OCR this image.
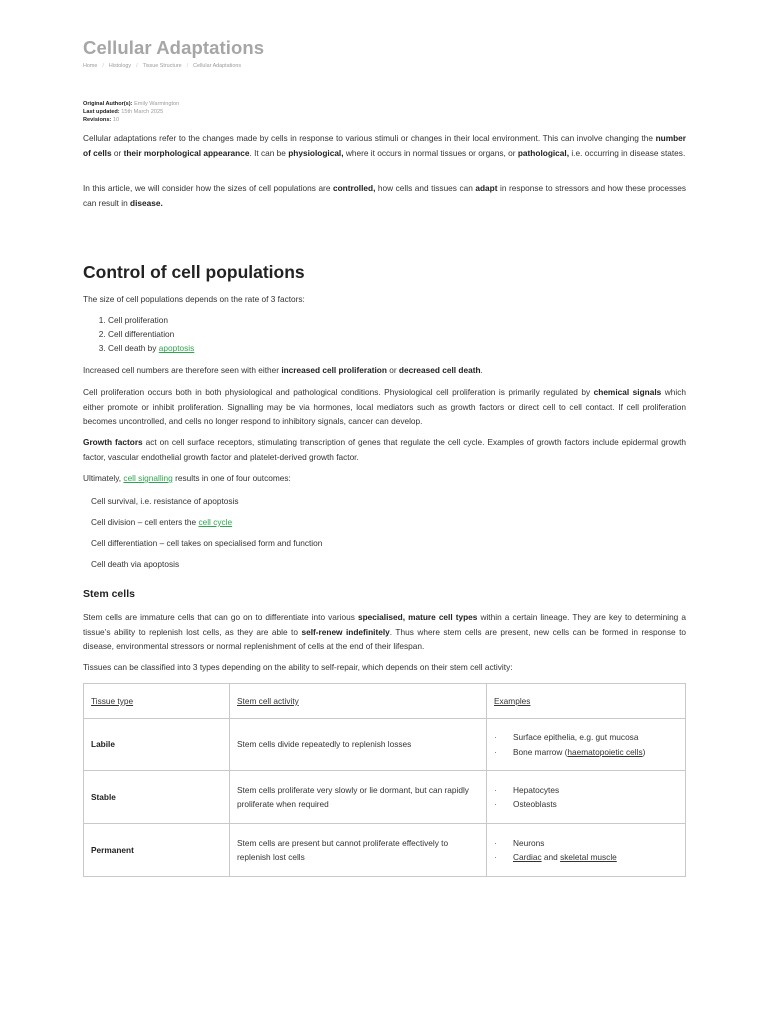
Cellular Adaptations
Home / Histology / Tissue Structure / Cellular Adaptations
Original Author(s): Emily Warmington
Last updated: 15th March 2025
Revisions: 10

Cellular adaptations refer to the changes made by cells in response to various stimuli or changes in their local environment. This can involve changing the number of cells or their morphological appearance. It can be physiological, where it occurs in normal tissues or organs, or pathological, i.e. occurring in disease states.

In this article, we will consider how the sizes of cell populations are controlled, how cells and tissues can adapt in response to stressors and how these processes can result in disease.

Control of cell populations

The size of cell populations depends on the rate of 3 factors:

1. Cell proliferation
2. Cell differentiation
3. Cell death by apoptosis

Increased cell numbers are therefore seen with either increased cell proliferation or decreased cell death.

Cell proliferation occurs both in both physiological and pathological conditions. Physiological cell proliferation is primarily regulated by chemical signals which either promote or inhibit proliferation. Signalling may be via hormones, local mediators such as growth factors or direct cell to cell contact. If cell proliferation becomes uncontrolled, and cells no longer respond to inhibitory signals, cancer can develop.

Growth factors act on cell surface receptors, stimulating transcription of genes that regulate the cell cycle. Examples of growth factors include epidermal growth factor, vascular endothelial growth factor and platelet-derived growth factor.

Ultimately, cell signalling results in one of four outcomes:

Cell survival, i.e. resistance of apoptosis

Cell division – cell enters the cell cycle

Cell differentiation – cell takes on specialised form and function

Cell death via apoptosis

Stem cells

Stem cells are immature cells that can go on to differentiate into various specialised, mature cell types within a certain lineage. They are key to determining a tissue’s ability to replenish lost cells, as they are able to self-renew indefinitely. Thus where stem cells are present, new cells can be formed in response to disease, environmental stressors or normal replenishment of cells at the end of their lifespan.

Tissues can be classified into 3 types depending on the ability to self-repair, which depends on their stem cell activity:

Tissue type	Stem cell activity	Examples
Labile	Stem cells divide repeatedly to replenish losses	· Surface epithelia, e.g. gut mucosa
· Bone marrow (haematopoietic cells)

Stable	Stem cells proliferate very slowly or lie dormant, but can rapidly proliferate when required	· Hepatocytes
· Osteoblasts

Permanent	Stem cells are present but cannot proliferate effectively to replenish lost cells	· Neurons
· Cardiac and skeletal muscle
